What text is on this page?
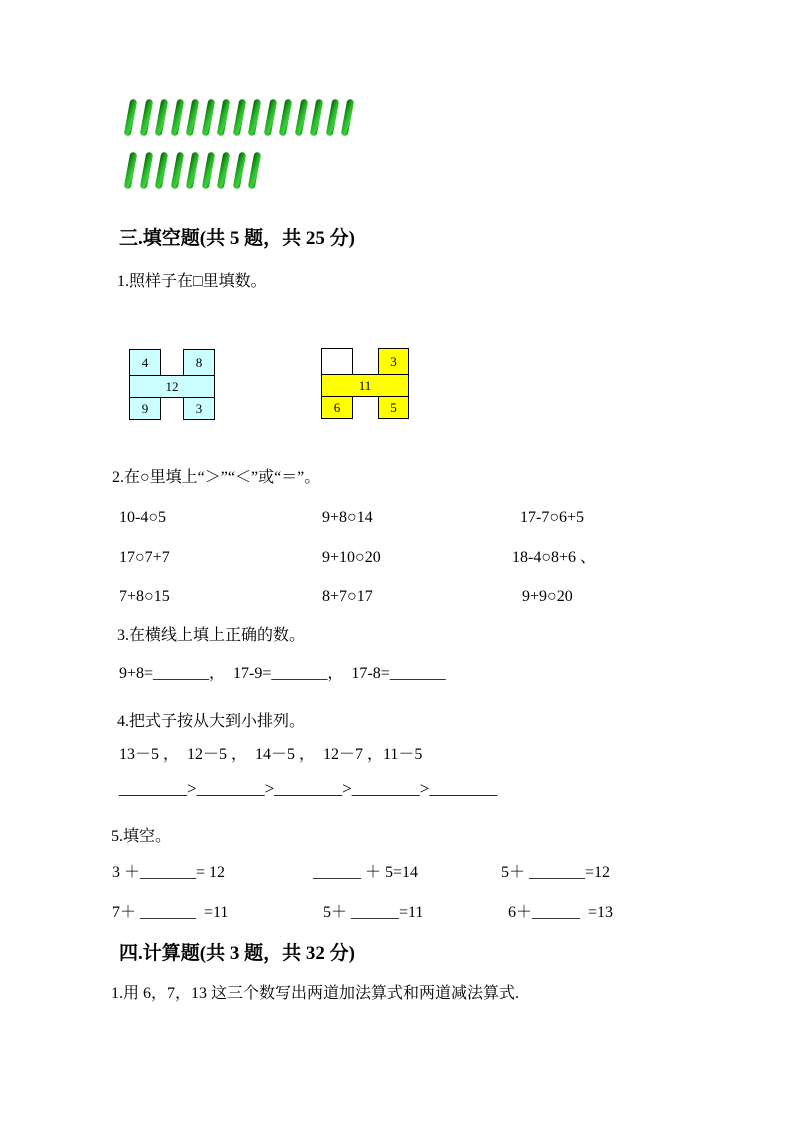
三.填空题(共 5 题，共 25 分)
1.照样子在□里填数。
4	8
12
9	3
3
11
6	5
2.在○里填上“＞”“＜”或“＝”。
10-4○5	9+8○14	17-7○6+5
17○7+7	9+10○20	18-4○8+6 、
7+8○15	8+7○17	9+9○20
3.在横线上填上正确的数。
9+8=_______，  17-9=_______，  17-8=_______
4.把式子按从大到小排列。
13－5 ，  12－5 ，  14－5 ，  12－7 ，11－5
________>________>________>________>________
5.填空。
3 ＋_______= 12	______ ＋ 5=14	5＋ _______=12
7＋ _______  =11	5＋ ______=11	6＋______  =13
四.计算题(共 3 题，共 32 分)
1.用 6，7，13 这三个数写出两道加法算式和两道减法算式.
